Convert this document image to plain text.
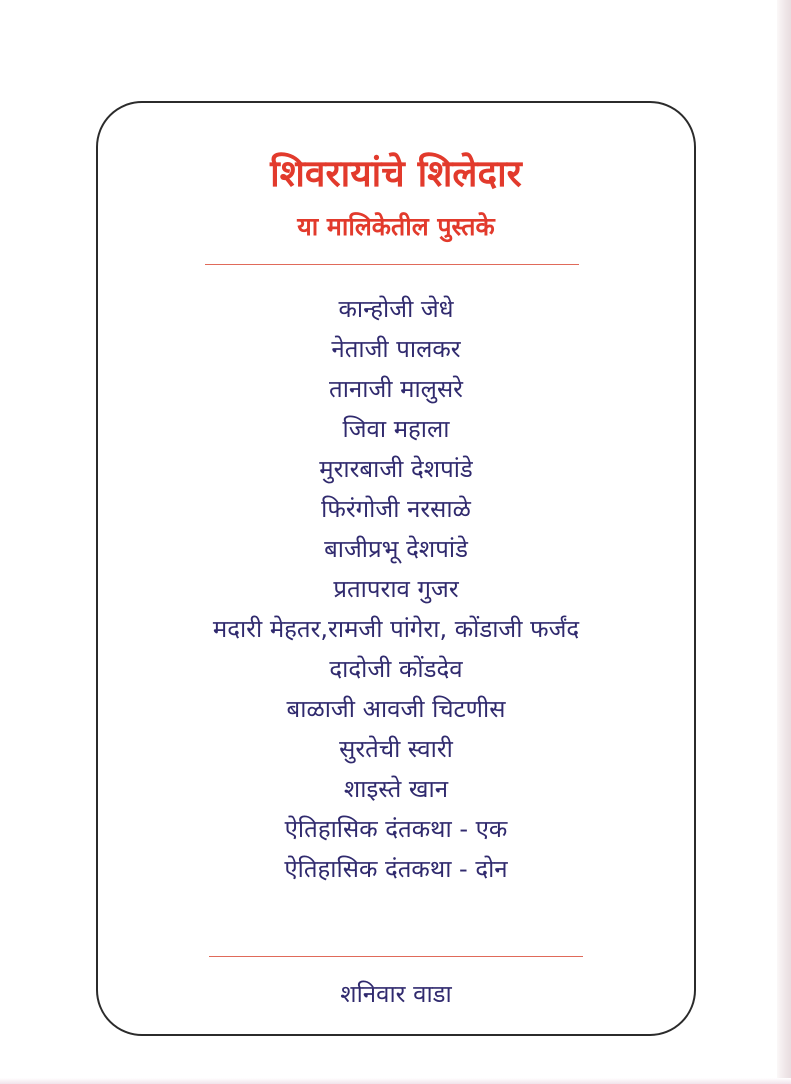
शिवरायांचे शिलेदार
या मालिकेतील पुस्तके
कान्होजी जेधे
नेताजी पालकर
तानाजी मालुसरे
जिवा महाला
मुरारबाजी देशपांडे
फिरंगोजी नरसाळे
बाजीप्रभू देशपांडे
प्रतापराव गुजर
मदारी मेहतर,रामजी पांगेरा, कोंडाजी फर्जंद
दादोजी कोंडदेव
बाळाजी आवजी चिटणीस
सुरतेची स्वारी
शाइस्ते खान
ऐतिहासिक दंतकथा - एक
ऐतिहासिक दंतकथा - दोन
शनिवार वाडा
